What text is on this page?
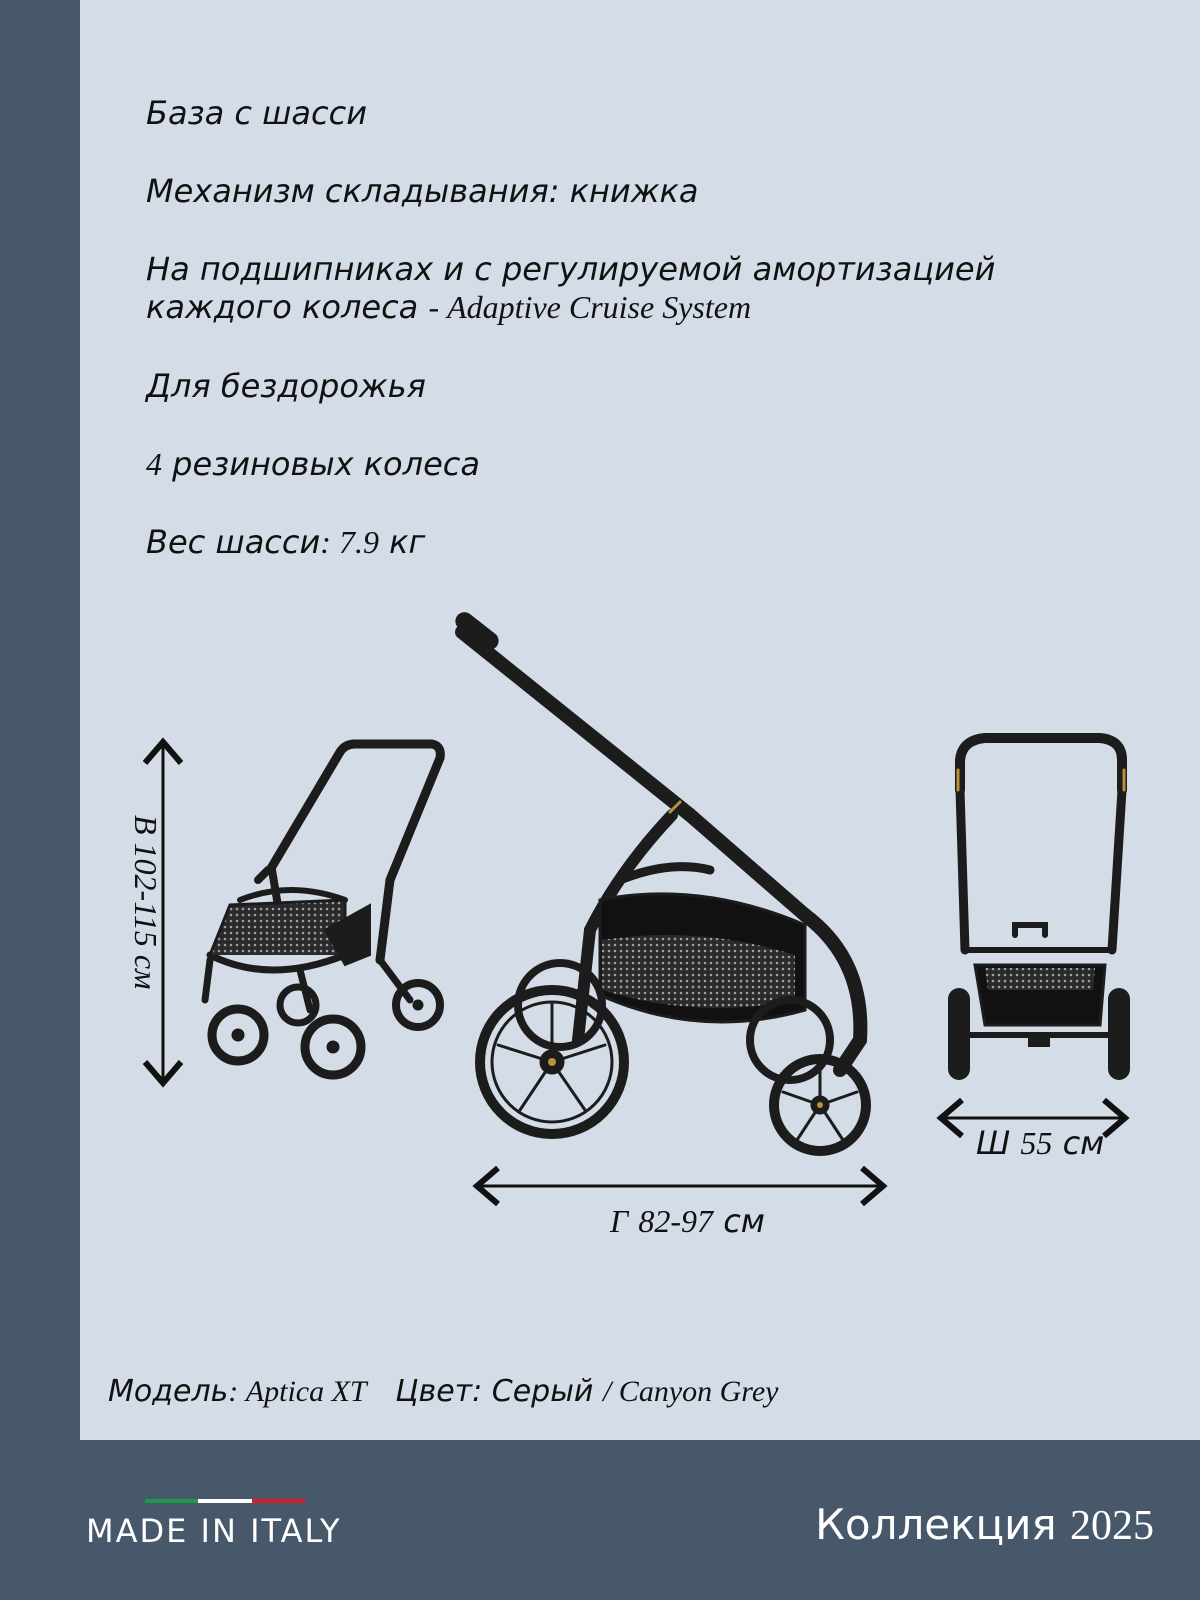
База с шасси

Механизм складывания: книжка

На подшипниках и с регулируемой амортизацией
каждого колеса - Adaptive Cruise System

Для бездорожья

4 резиновых колеса

Вес шасси: 7.9 кг

В 102-115 см
Г 82-97 см
Ш 55 см
Модель: Aptica XT Цвет: Серый / Canyon Grey
MADE IN ITALY	Коллекция 2025
